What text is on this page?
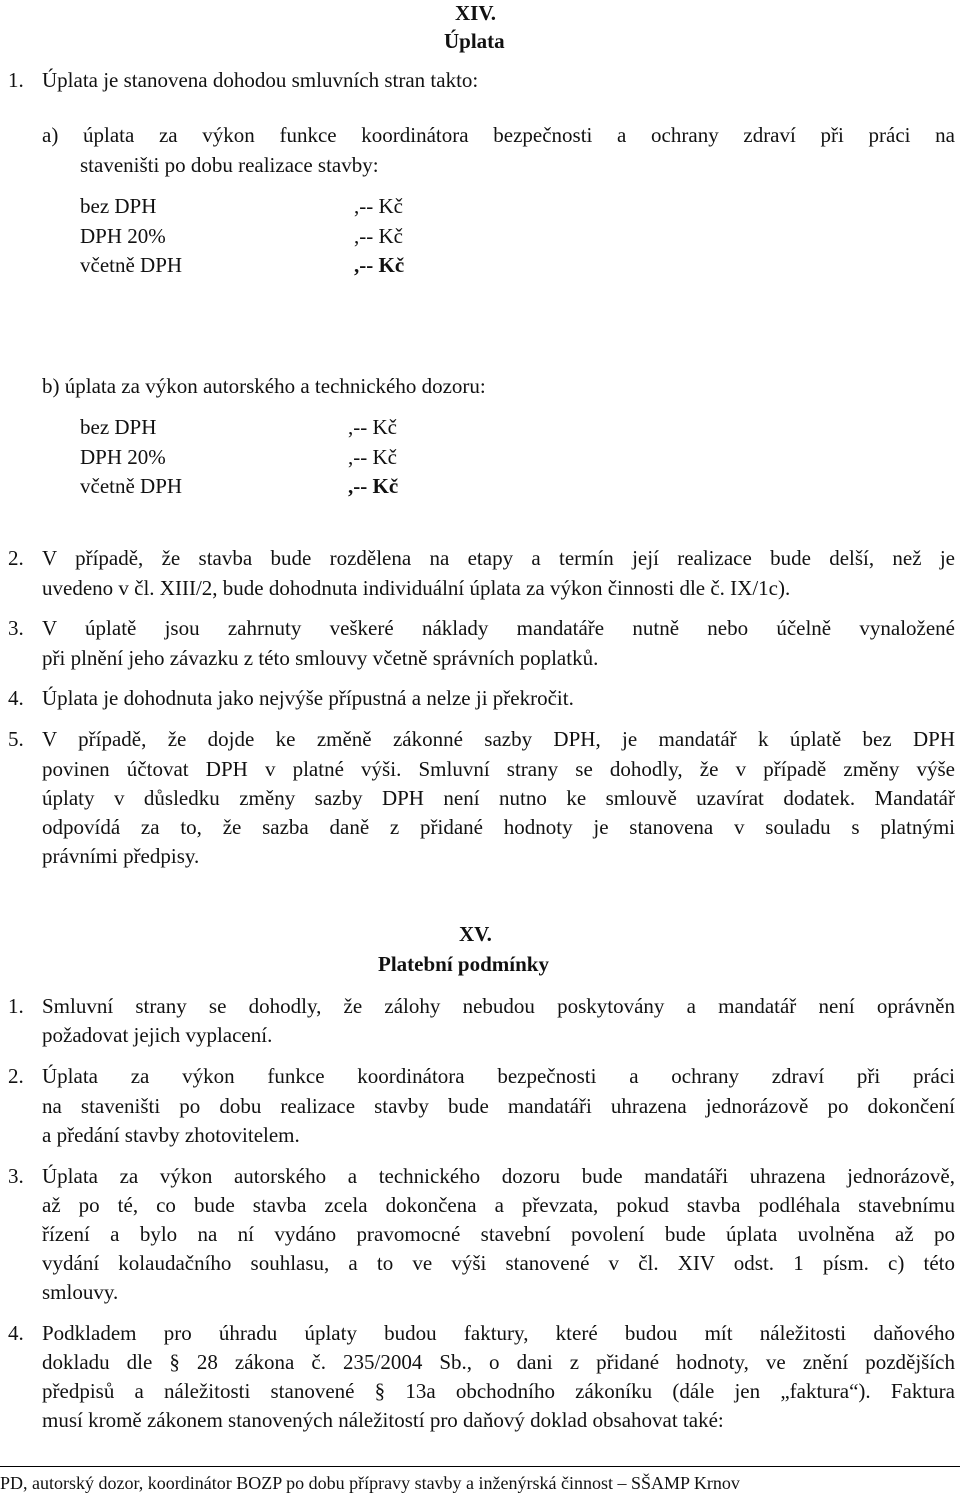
XIV.
Úplata
1. Úplata je stanovena dohodou smluvních stran takto:
a) úplata za výkon funkce koordinátora bezpečnosti a ochrany zdraví při práci na
staveništi po dobu realizace stavby:
bez DPH	,-- Kč
DPH 20%	,-- Kč
včetně DPH	,-- Kč
b) úplata za výkon autorského a technického dozoru:
bez DPH	,-- Kč
DPH 20%	,-- Kč
včetně DPH	,-- Kč
2. V případě, že stavba bude rozdělena na etapy a termín její realizace bude delší, než je
uvedeno v čl. XIII/2, bude dohodnuta individuální úplata za výkon činnosti dle č. IX/1c).
3. V úplatě jsou zahrnuty veškeré náklady mandatáře nutně nebo účelně vynaložené
při plnění jeho závazku z této smlouvy včetně správních poplatků.
4. Úplata je dohodnuta jako nejvýše přípustná a nelze ji překročit.
5. V případě, že dojde ke změně zákonné sazby DPH, je mandatář k úplatě bez DPH
povinen účtovat DPH v platné výši. Smluvní strany se dohodly, že v případě změny výše
úplaty v důsledku změny sazby DPH není nutno ke smlouvě uzavírat dodatek. Mandatář
odpovídá za to, že sazba daně z přidané hodnoty je stanovena v souladu s platnými
právními předpisy.
XV.
Platební podmínky
1. Smluvní strany se dohodly, že zálohy nebudou poskytovány a mandatář není oprávněn
požadovat jejich vyplacení.
2. Úplata za výkon funkce koordinátora bezpečnosti a ochrany zdraví při práci
na staveništi po dobu realizace stavby bude mandatáři uhrazena jednorázově po dokončení
a předání stavby zhotovitelem.
3. Úplata za výkon autorského a technického dozoru bude mandatáři uhrazena jednorázově,
až po té, co bude stavba zcela dokončena a převzata, pokud stavba podléhala stavebnímu
řízení a bylo na ní vydáno pravomocné stavební povolení bude úplata uvolněna až po
vydání kolaudačního souhlasu, a to ve výši stanovené v čl. XIV odst. 1 písm. c) této
smlouvy.
4. Podkladem pro úhradu úplaty budou faktury, které budou mít náležitosti daňového
dokladu dle § 28 zákona č. 235/2004 Sb., o dani z přidané hodnoty, ve znění pozdějších
předpisů a náležitosti stanovené § 13a obchodního zákoníku (dále jen „faktura“). Faktura
musí kromě zákonem stanovených náležitostí pro daňový doklad obsahovat také:
PD, autorský dozor, koordinátor BOZP po dobu přípravy stavby a inženýrská činnost – SŠAMP Krnov
